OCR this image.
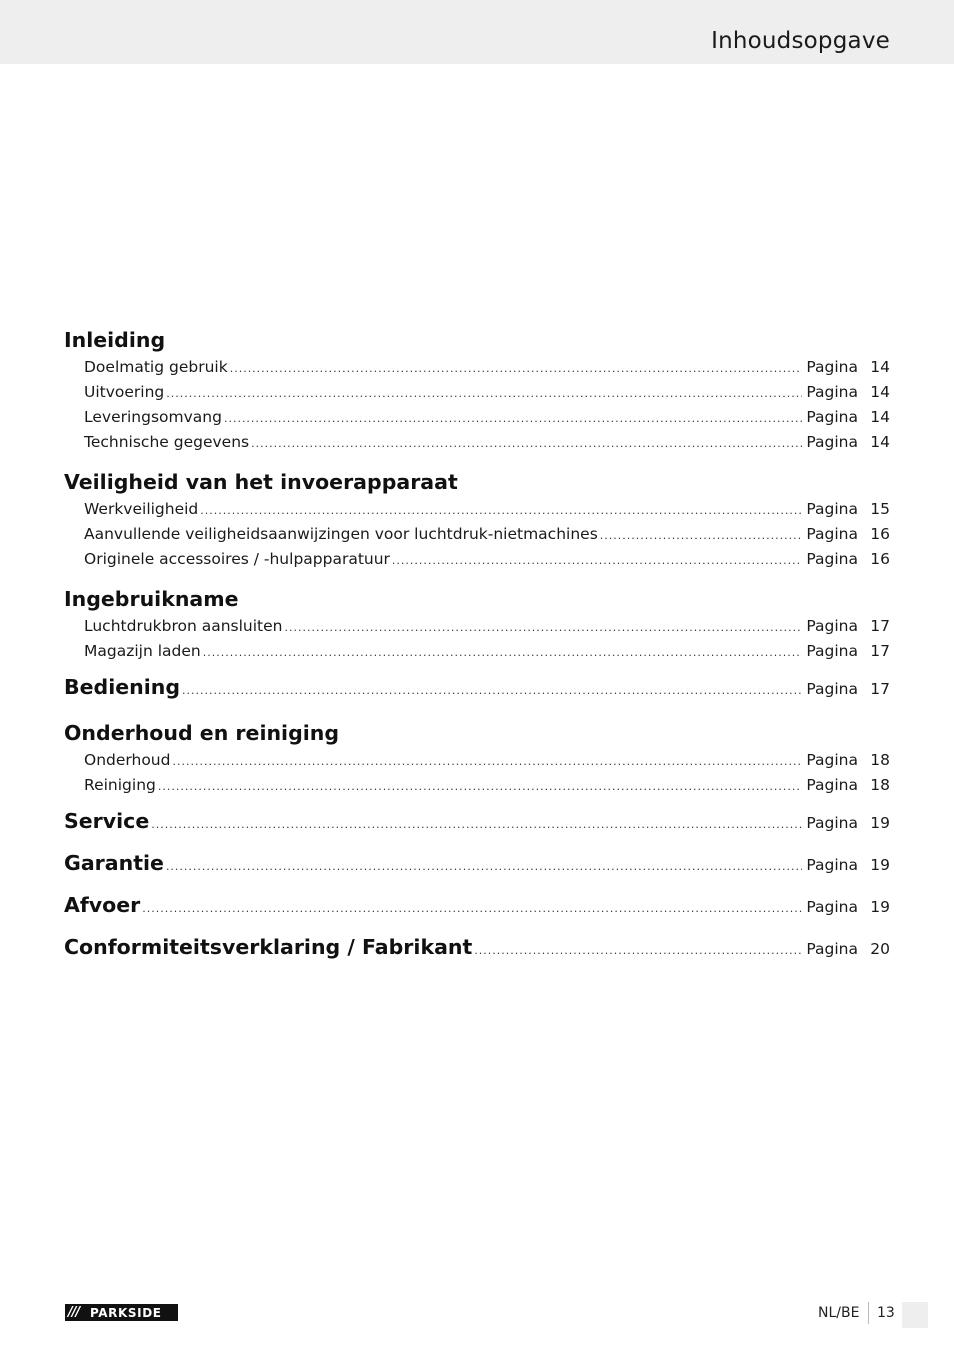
Inhoudsopgave
Inleiding
Doelmatig gebruik .....	Pagina 14
Uitvoering .....	Pagina 14
Leveringsomvang .....	Pagina 14
Technische gegevens .....	Pagina 14
Veiligheid van het invoerapparaat
Werkveiligheid .....	Pagina 15
Aanvullende veiligheidsaanwijzingen voor luchtdruk-nietmachines .....	Pagina 16
Originele accessoires / -hulpapparatuur .....	Pagina 16
Ingebruikname
Luchtdrukbron aansluiten .....	Pagina 17
Magazijn laden .....	Pagina 17
Bediening .....	Pagina 17
Onderhoud en reiniging
Onderhoud .....	Pagina 18
Reiniging .....	Pagina 18
Service .....	Pagina 19
Garantie .....	Pagina 19
Afvoer .....	Pagina 19
Conformiteitsverklaring / Fabrikant .....	Pagina 20
/// PARKSIDE	NL/BE 13
